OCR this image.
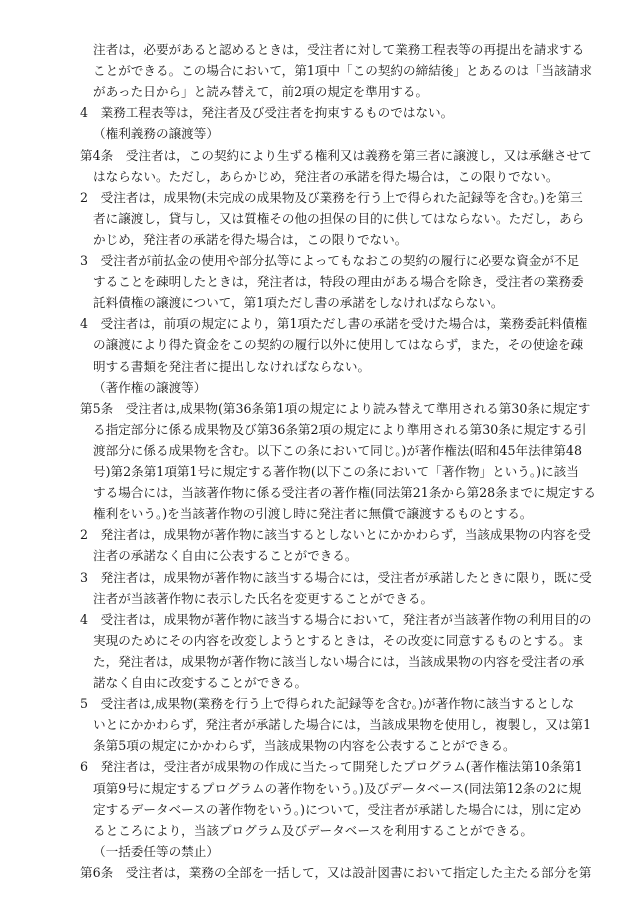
注者は，必要があると認めるときは，受注者に対して業務工程表等の再提出を請求する

ことができる。この場合において，第1項中「この契約の締結後」とあるのは「当該請求

があった日から」と読み替えて，前2項の規定を準用する。

4　業務工程表等は，発注者及び受注者を拘束するものではない。

（権利義務の譲渡等）

第4条　受注者は，この契約により生ずる権利又は義務を第三者に譲渡し，又は承継させて

はならない。ただし，あらかじめ，発注者の承諾を得た場合は，この限りでない。

2　受注者は，成果物(未完成の成果物及び業務を行う上で得られた記録等を含む。)を第三

者に譲渡し，貸与し，又は質権その他の担保の目的に供してはならない。ただし，あら

かじめ，発注者の承諾を得た場合は，この限りでない。

3　受注者が前払金の使用や部分払等によってもなおこの契約の履行に必要な資金が不足

することを疎明したときは，発注者は，特段の理由がある場合を除き，受注者の業務委

託料債権の譲渡について，第1項ただし書の承諾をしなければならない。

4　受注者は，前項の規定により，第1項ただし書の承諾を受けた場合は，業務委託料債権

の譲渡により得た資金をこの契約の履行以外に使用してはならず，また，その使途を疎

明する書類を発注者に提出しなければならない。

（著作権の譲渡等）

第5条　受注者は,成果物(第36条第1項の規定により読み替えて準用される第30条に規定す

る指定部分に係る成果物及び第36条第2項の規定により準用される第30条に規定する引

渡部分に係る成果物を含む。以下この条において同じ。)が著作権法(昭和45年法律第48

号)第2条第1項第1号に規定する著作物(以下この条において「著作物」という。)に該当

する場合には，当該著作物に係る受注者の著作権(同法第21条から第28条までに規定する

権利をいう。)を当該著作物の引渡し時に発注者に無償で譲渡するものとする。

2　発注者は，成果物が著作物に該当するとしないとにかかわらず，当該成果物の内容を受

注者の承諾なく自由に公表することができる。

3　発注者は，成果物が著作物に該当する場合には，受注者が承諾したときに限り，既に受

注者が当該著作物に表示した氏名を変更することができる。

4　受注者は，成果物が著作物に該当する場合において，発注者が当該著作物の利用目的の

実現のためにその内容を改変しようとするときは，その改変に同意するものとする。ま

た，発注者は，成果物が著作物に該当しない場合には，当該成果物の内容を受注者の承

諾なく自由に改変することができる。

5　受注者は,成果物(業務を行う上で得られた記録等を含む。)が著作物に該当するとしな

いとにかかわらず，発注者が承諾した場合には，当該成果物を使用し，複製し，又は第1

条第5項の規定にかかわらず，当該成果物の内容を公表することができる。

6　発注者は，受注者が成果物の作成に当たって開発したプログラム(著作権法第10条第1

項第9号に規定するプログラムの著作物をいう。)及びデータベース(同法第12条の2に規

定するデータベースの著作物をいう。)について，受注者が承諾した場合には，別に定め

るところにより，当該プログラム及びデータベースを利用することができる。

（一括委任等の禁止）

第6条　受注者は，業務の全部を一括して，又は設計図書において指定した主たる部分を第
